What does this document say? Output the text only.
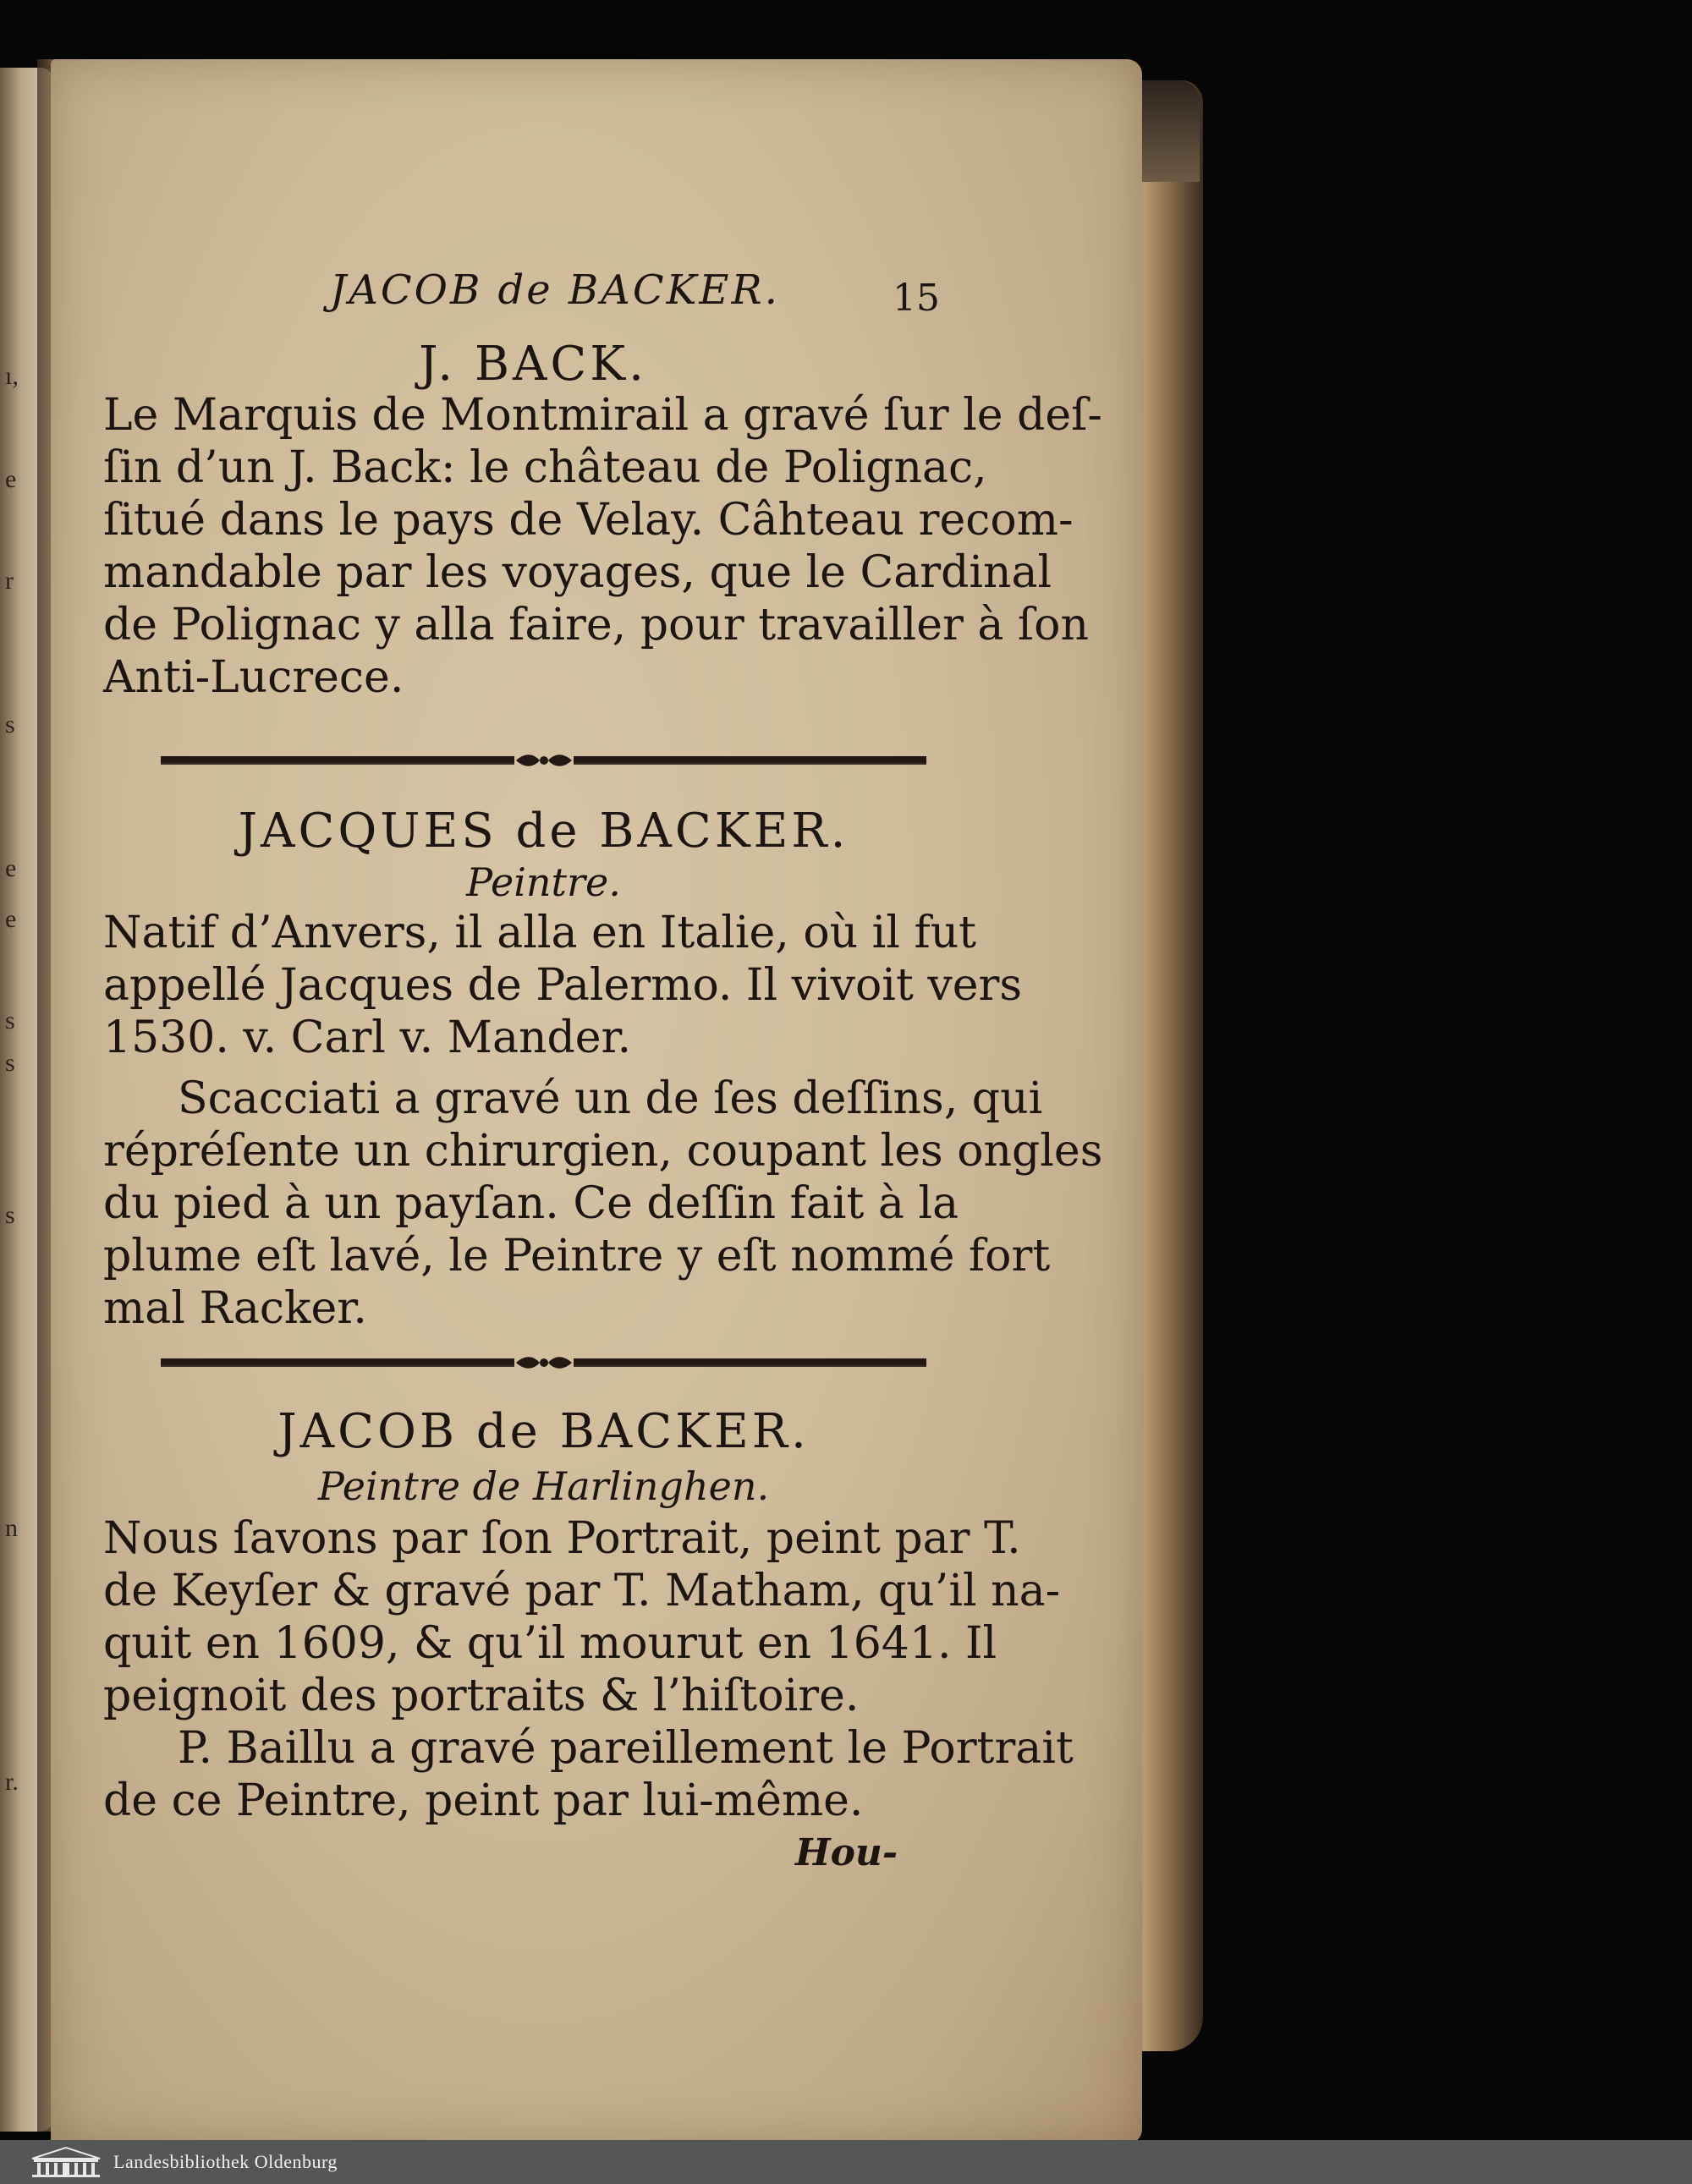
ı,
e
r
s
e
e
s
s
s
n
r.
JACOB de BACKER.	15
J. BACK.
Le Marquis de Montmirail a gravé ſur le deſ-
ſin d’un J. Back: le château de Polignac,
ſitué dans le pays de Velay. Câhteau recom-
mandable par les voyages, que le Cardinal
de Polignac y alla faire, pour travailler à ſon
Anti-Lucrece.
JACQUES de BACKER.
Peintre.
Natif d’Anvers, il alla en Italie, où il fut
appellé Jacques de Palermo. Il vivoit vers
1530. v. Carl v. Mander.
Scacciati a gravé un de ſes deſſins, qui
répréſente un chirurgien, coupant les ongles
du pied à un payſan. Ce deſſin fait à la
plume eſt lavé, le Peintre y eſt nommé fort
mal Racker.
JACOB de BACKER.
Peintre de Harlinghen.
Nous ſavons par ſon Portrait, peint par T.
de Keyſer & gravé par T. Matham, qu’il na-
quit en 1609, & qu’il mourut en 1641. Il
peignoit des portraits & l’hiſtoire.
P. Baillu a gravé pareillement le Portrait
de ce Peintre, peint par lui-même.
Hou-
Landesbibliothek Oldenburg
